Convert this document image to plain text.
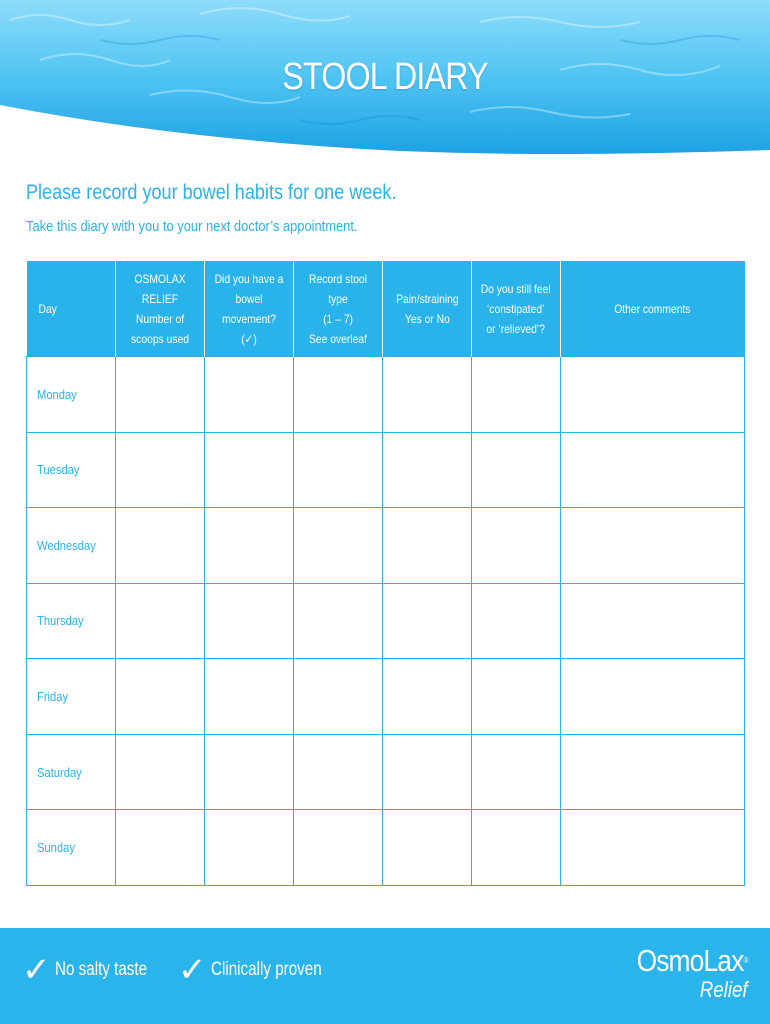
STOOL DIARY
Please record your bowel habits for one week.
Take this diary with you to your next doctor’s appointment.
Day	OSMOLAX RELIEF
Number of
scoops used	Did you have a
bowel movement?
(✓)	Record stool type
(1 – 7)
See overleaf	Pain/straining
Yes or No	Do you still feel
‘constipated’
or ‘relieved’?	Other comments
Monday						
Tuesday						
Wednesday						
Thursday						
Friday						
Saturday						
Sunday						
✓ No salty taste ✓ Clinically proven	OsmoLax®
Relief
